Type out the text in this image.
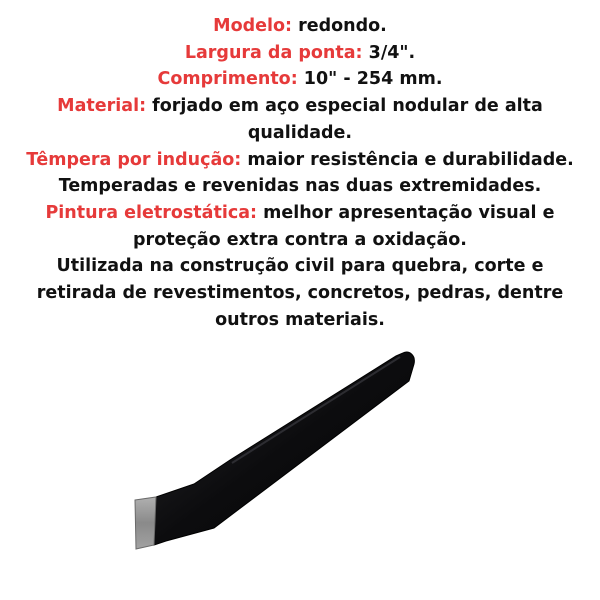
Modelo: redondo.
Largura da ponta: 3/4".
Comprimento: 10" - 254 mm.
Material: forjado em aço especial nodular de alta
qualidade.
Têmpera por indução: maior resistência e durabilidade.
Temperadas e revenidas nas duas extremidades.
Pintura eletrostática: melhor apresentação visual e
proteção extra contra a oxidação.
Utilizada na construção civil para quebra, corte e
retirada de revestimentos, concretos, pedras, dentre
outros materiais.
